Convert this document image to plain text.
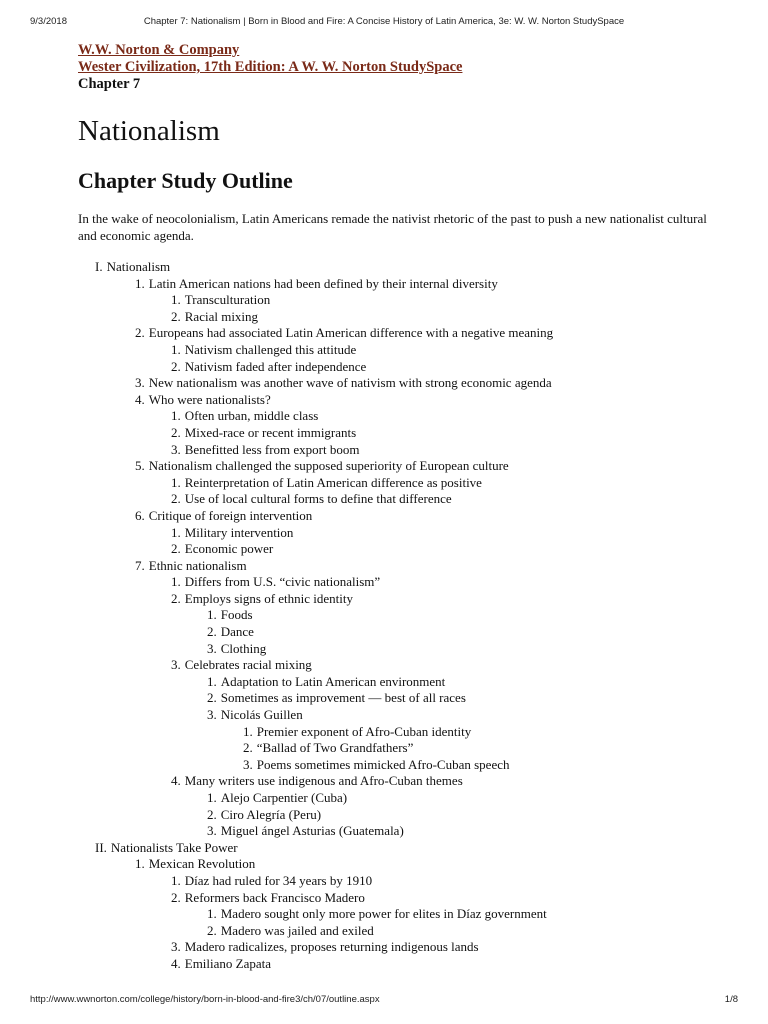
9/3/2018	Chapter 7: Nationalism | Born in Blood and Fire: A Concise History of Latin America, 3e: W. W. Norton StudySpace
W.W. Norton & Company
Wester Civilization, 17th Edition: A W. W. Norton StudySpace
Chapter 7
Nationalism
Chapter Study Outline

In the wake of neocolonialism, Latin Americans remade the nativist rhetoric of the past to push a new nationalist cultural and economic agenda.

I. Nationalism
1. Latin American nations had been defined by their internal diversity
1. Transculturation
2. Racial mixing
2. Europeans had associated Latin American difference with a negative meaning
1. Nativism challenged this attitude
2. Nativism faded after independence
3. New nationalism was another wave of nativism with strong economic agenda
4. Who were nationalists?
1. Often urban, middle class
2. Mixed-race or recent immigrants
3. Benefitted less from export boom
5. Nationalism challenged the supposed superiority of European culture
1. Reinterpretation of Latin American difference as positive
2. Use of local cultural forms to define that difference
6. Critique of foreign intervention
1. Military intervention
2. Economic power
7. Ethnic nationalism
1. Differs from U.S. “civic nationalism”
2. Employs signs of ethnic identity
1. Foods
2. Dance
3. Clothing
3. Celebrates racial mixing
1. Adaptation to Latin American environment
2. Sometimes as improvement — best of all races
3. Nicolás Guillen
1. Premier exponent of Afro-Cuban identity
2. “Ballad of Two Grandfathers”
3. Poems sometimes mimicked Afro-Cuban speech
4. Many writers use indigenous and Afro-Cuban themes
1. Alejo Carpentier (Cuba)
2. Ciro Alegría (Peru)
3. Miguel ángel Asturias (Guatemala)
II. Nationalists Take Power
1. Mexican Revolution
1. Díaz had ruled for 34 years by 1910
2. Reformers back Francisco Madero
1. Madero sought only more power for elites in Díaz government
2. Madero was jailed and exiled
3. Madero radicalizes, proposes returning indigenous lands
4. Emiliano Zapata
http://www.wwnorton.com/college/history/born-in-blood-and-fire3/ch/07/outline.aspx	1/8
